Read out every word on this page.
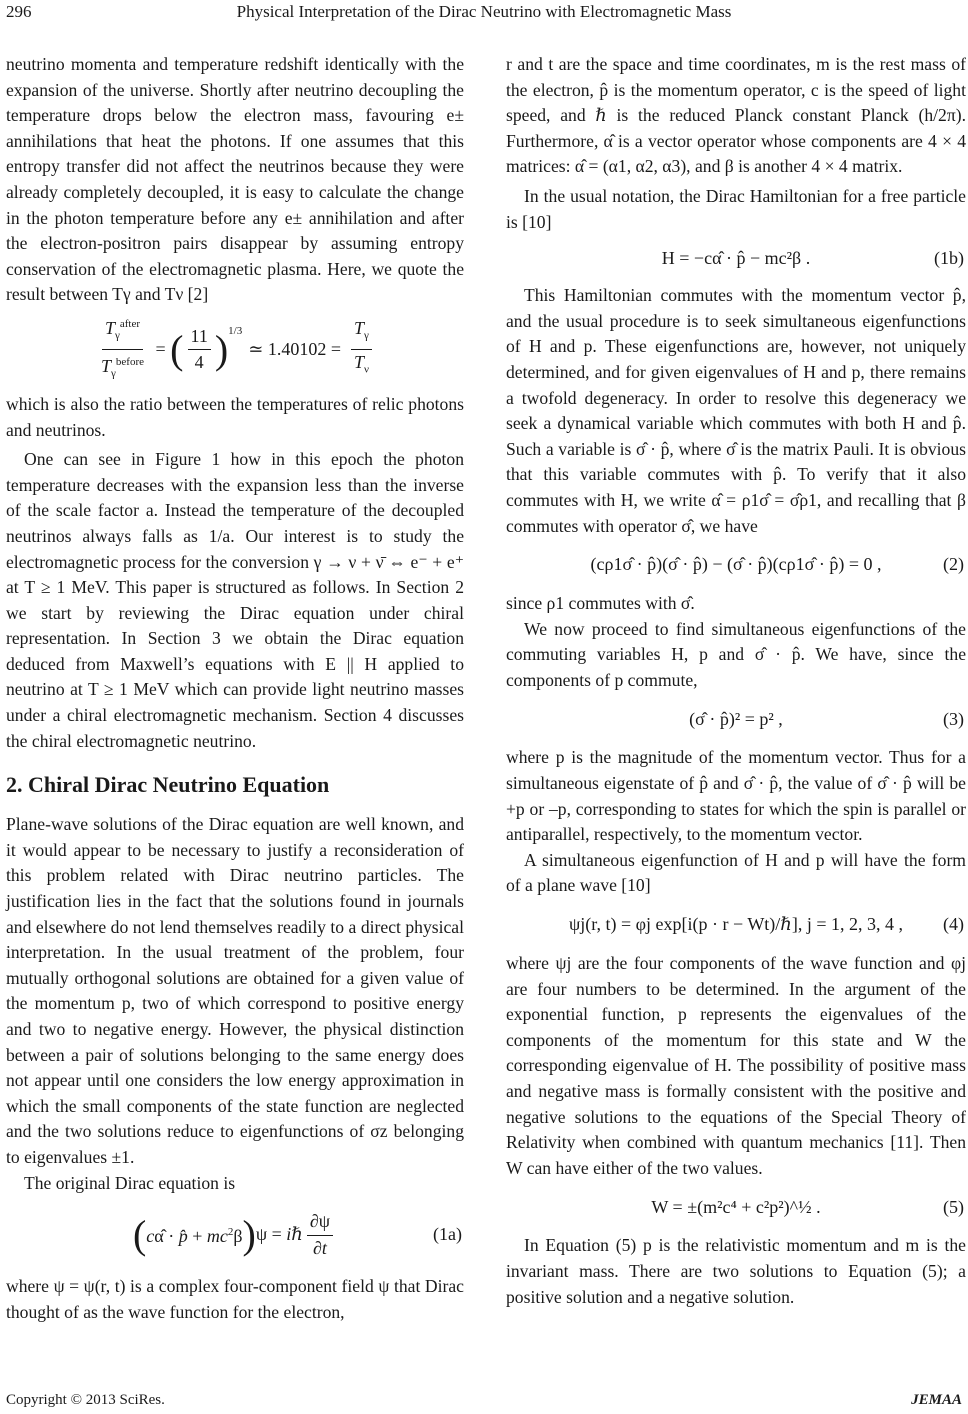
296	Physical Interpretation of the Dirac Neutrino with Electromagnetic Mass

neutrino momenta and temperature redshift identically with the expansion of the universe. Shortly after neutrino decoupling the temperature drops below the electron mass, favouring e± annihilations that heat the photons. If one assumes that this entropy transfer did not affect the neutrinos because they were already completely decoupled, it is easy to calculate the change in the photon temperature before any e± annihilation and after the electron-positron pairs disappear by assuming entropy conservation of the electromagnetic plasma. Here, we quote the result between Tγ and Tν [2]

$\frac{T_\gamma^{after}}{T_\gamma^{before}}$ = ( $\frac{11}{4} )^{1/3}$
≃ $1.40102 = \frac{T_\gamma}{T_\nu}$

which is also the ratio between the temperatures of relic photons and neutrinos.

One can see in Figure 1 how in this epoch the photon temperature decreases with the expansion less than the inverse of the scale factor a. Instead the temperature of the decoupled neutrinos always falls as 1/a. Our interest is to study the electromagnetic process for the conversion γ → ν + ν̄ ⇔ e⁻ + e⁺ at T ≥ 1 MeV. This paper is structured as follows. In Section 2 we start by reviewing the Dirac equation under chiral representation. In Section 3 we obtain the Dirac equation deduced from Maxwell’s equations with E || H applied to neutrino at T ≥ 1 MeV which can provide light neutrino masses under a chiral electromagnetic mechanism. Section 4 discusses the chiral electromagnetic neutrino.

2. Chiral Dirac Neutrino Equation

Plane-wave solutions of the Dirac equation are well known, and it would appear to be necessary to justify a reconsideration of this problem related with Dirac neutrino particles. The justification lies in the fact that the solutions found in journals and elsewhere do not lend themselves readily to a direct physical interpretation. In the usual treatment of the problem, four mutually orthogonal solutions are obtained for a given value of the momentum p, two of which correspond to positive energy and two to negative energy. However, the physical distinction between a pair of solutions belonging to the same energy does not appear until one considers the low energy approximation in which the small components of the state function are neglected and the two solutions reduce to eigenfunctions of σz belonging to eigenvalues ±1.

The original Dirac equation is

( cα̂ · p̂ + $mc^2\beta$ ) ψ = iℏ $\frac{\partial\psi}{\partial t}$	(1a)

where ψ = ψ(r, t) is a complex four-component field ψ that Dirac thought of as the wave function for the electron,

r and t are the space and time coordinates, m is the rest mass of the electron, p̂ is the momentum operator, c is the speed of light speed, and ℏ is the reduced Planck constant Planck (h/2π). Furthermore, α̂ is a vector operator whose components are 4 × 4 matrices: α̂ = (α1, α2, α3), and β is another 4 × 4 matrix.

In the usual notation, the Dirac Hamiltonian for a free particle is [10]

H = −cα̂ · p̂ − mc²β .	(1b)

This Hamiltonian commutes with the momentum vector p̂, and the usual procedure is to seek simultaneous eigenfunctions of H and p. These eigenfunctions are, however, not uniquely determined, and for given eigenvalues of H and p, there remains a twofold degeneracy. In order to resolve this degeneracy we seek a dynamical variable which commutes with both H and p̂. Such a variable is σ̂ · p̂, where σ̂ is the matrix Pauli. It is obvious that this variable commutes with p̂. To verify that it also commutes with H, we write α̂ = ρ1σ̂ = σ̂ρ1, and recalling that β commutes with operator σ̂, we have

(cρ1σ̂ · p̂)(σ̂ · p̂) − (σ̂ · p̂)(cρ1σ̂ · p̂) = 0 ,	(2)

since ρ1 commutes with σ̂.

We now proceed to find simultaneous eigenfunctions of the commuting variables H, p and σ̂ · p̂. We have, since the components of p commute,

(σ̂ · p̂)² = p² ,	(3)

where p is the magnitude of the momentum vector. Thus for a simultaneous eigenstate of p̂ and σ̂ · p̂, the value of σ̂ · p̂ will be +p or –p, corresponding to states for which the spin is parallel or antiparallel, respectively, to the momentum vector.

A simultaneous eigenfunction of H and p will have the form of a plane wave [10]

ψj(r, t) = φj exp[i(p · r − Wt)/ℏ], j = 1, 2, 3, 4 , (4)

where ψj are the four components of the wave function and φj are four numbers to be determined. In the argument of the exponential function, p represents the eigenvalues of the components of the momentum for this state and W the corresponding eigenvalue of H. The possibility of positive mass and negative mass is formally consistent with the positive and negative solutions to the equations of the Special Theory of Relativity when combined with quantum mechanics [11]. Then W can have either of the two values.

W = ±(m²c⁴ + c²p²)^½ .	(5)

In Equation (5) p is the relativistic momentum and m is the invariant mass. There are two solutions to Equation (5); a positive solution and a negative solution.

Copyright © 2013 SciRes.	JEMAA
